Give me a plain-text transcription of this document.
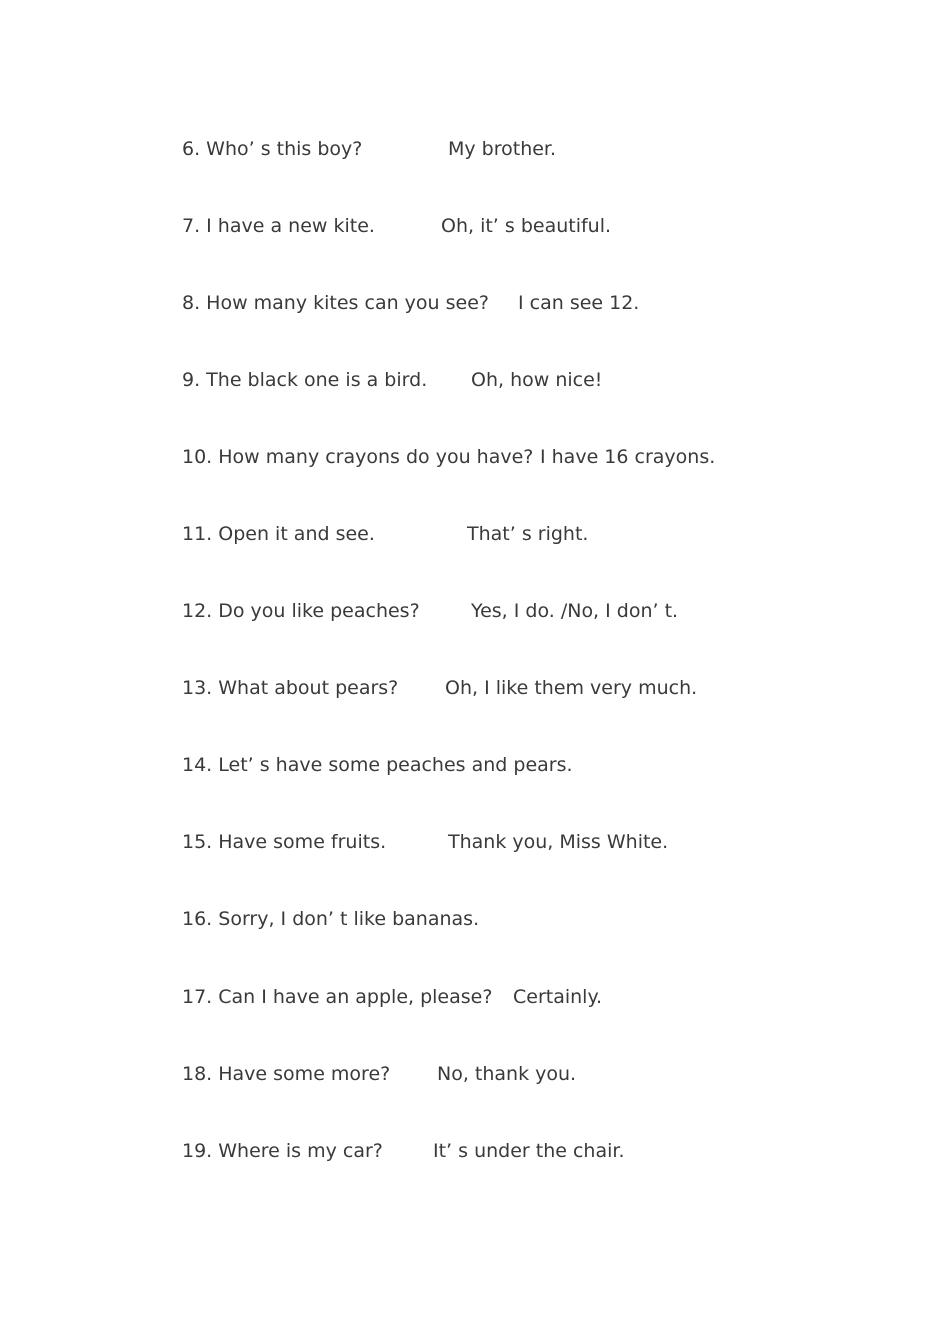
6. Who’ s this boy?	My brother.
7. I have a new kite.	Oh, it’ s beautiful.
8. How many kites can you see? I can see 12.
9. The black one is a bird. Oh, how nice!
10. How many crayons do you have? I have 16 crayons.
11. Open it and see.	That’ s right.
12. Do you like peaches?	Yes, I do. /No, I don’ t.
13. What about pears? Oh, I like them very much.
14. Let’ s have some peaches and pears.
15. Have some fruits.	Thank you, Miss White.
16. Sorry, I don’ t like bananas.
17. Can I have an apple, please? Certainly.
18. Have some more? No, thank you.
19. Where is my car?	It’ s under the chair.
